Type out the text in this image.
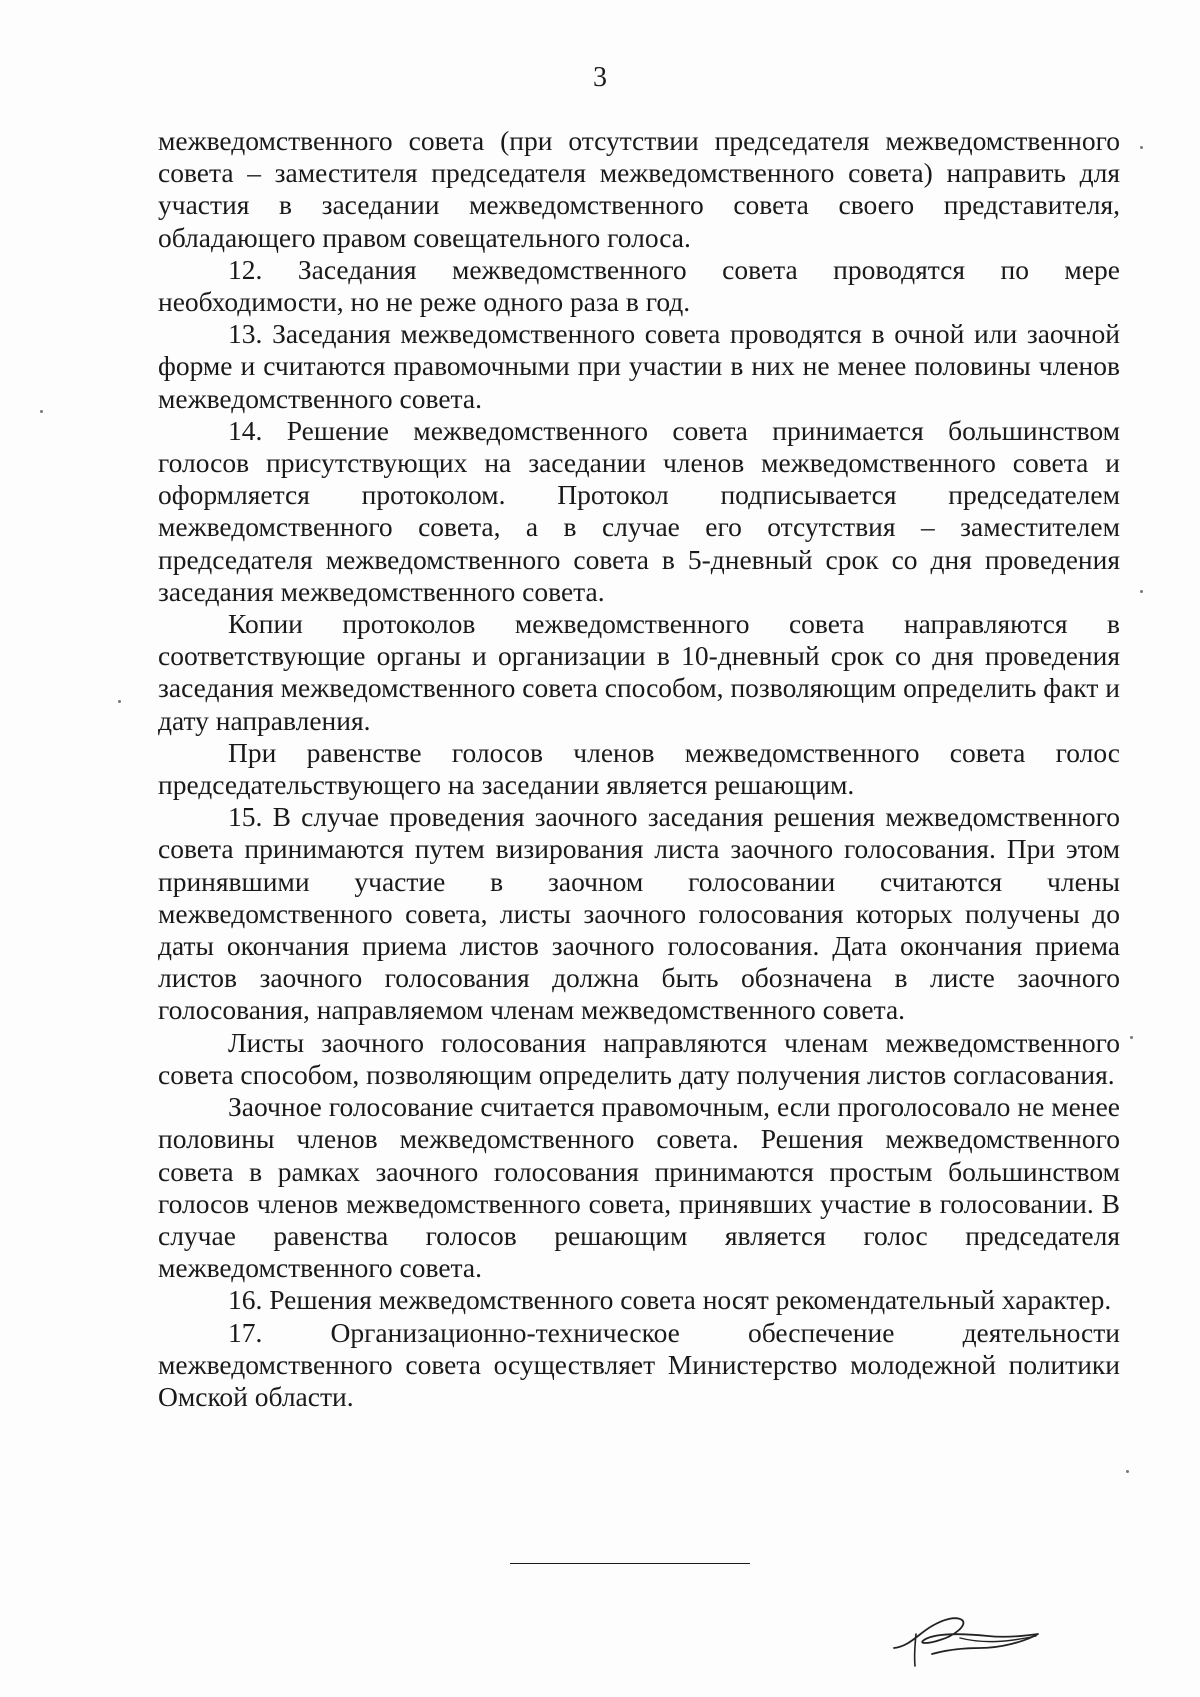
3

межведомственного совета (при отсутствии председателя межведомственного совета – заместителя председателя межведомственного совета) направить для участия в заседании межведомственного совета своего представителя, обладающего правом совещательного голоса.

12. Заседания межведомственного совета проводятся по мере необходимости, но не реже одного раза в год.

13. Заседания межведомственного совета проводятся в очной или заочной форме и считаются правомочными при участии в них не менее половины членов межведомственного совета.

14. Решение межведомственного совета принимается большинством голосов присутствующих на заседании членов межведомственного совета и оформляется протоколом. Протокол подписывается председателем межведомственного совета, а в случае его отсутствия – заместителем председателя межведомственного совета в 5-дневный срок со дня проведения заседания межведомственного совета.

Копии протоколов межведомственного совета направляются в соответствующие органы и организации в 10-дневный срок со дня проведения заседания межведомственного совета способом, позволяющим определить факт и дату направления.

При равенстве голосов членов межведомственного совета голос председательствующего на заседании является решающим.

15. В случае проведения заочного заседания решения межведомственного совета принимаются путем визирования листа заочного голосования. При этом принявшими участие в заочном голосовании считаются члены межведомственного совета, листы заочного голосования которых получены до даты окончания приема листов заочного голосования. Дата окончания приема листов заочного голосования должна быть обозначена в листе заочного голосования, направляемом членам межведомственного совета.

Листы заочного голосования направляются членам межведомственного совета способом, позволяющим определить дату получения листов согласования.

Заочное голосование считается правомочным, если проголосовало не менее половины членов межведомственного совета. Решения межведомственного совета в рамках заочного голосования принимаются простым большинством голосов членов межведомственного совета, принявших участие в голосовании. В случае равенства голосов решающим является голос председателя межведомственного совета.

16. Решения межведомственного совета носят рекомендательный характер.

17. Организационно-техническое обеспечение деятельности межведомственного совета осуществляет Министерство молодежной политики Омской области.
